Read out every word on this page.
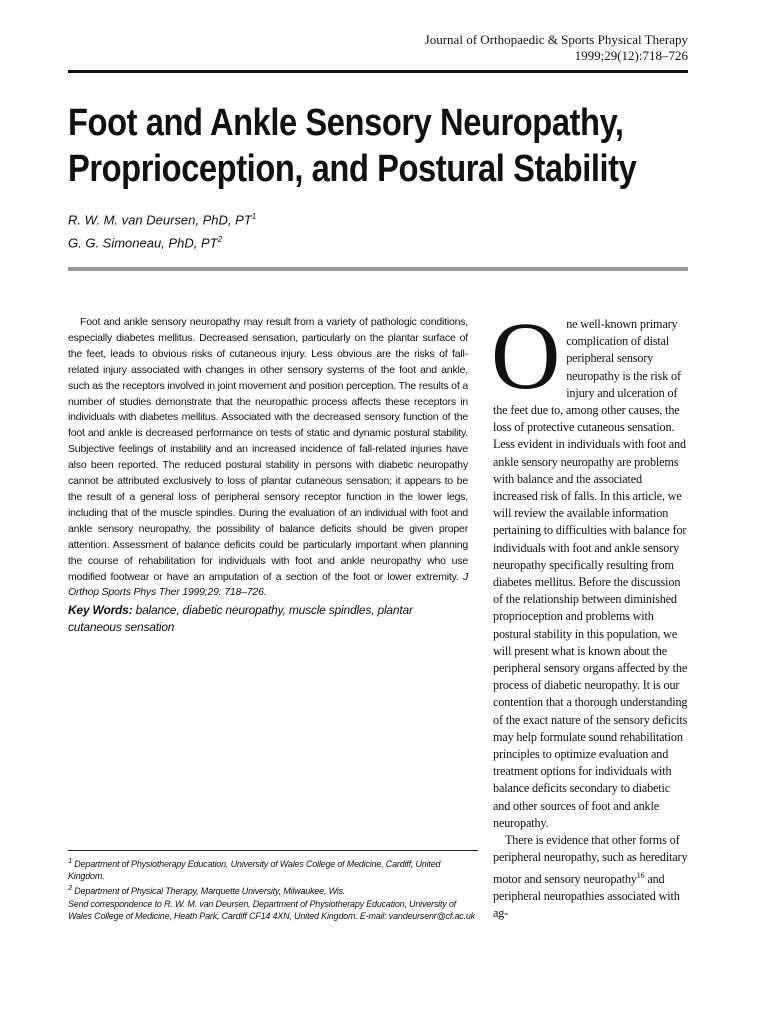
Journal of Orthopaedic & Sports Physical Therapy
1999;29(12):718–726
Foot and Ankle Sensory Neuropathy,
Proprioception, and Postural Stability
R. W. M. van Deursen, PhD, $PT^1$
G. G. Simoneau, PhD, $PT^2$

Foot and ankle sensory neuropathy may result from a variety of pathologic conditions, especially diabetes mellitus. Decreased sensation, particularly on the plantar surface of the feet, leads to obvious risks of cutaneous injury. Less obvious are the risks of fall-related injury associated with changes in other sensory systems of the foot and ankle, such as the receptors involved in joint movement and position perception. The results of a number of studies demonstrate that the neuropathic process affects these receptors in individuals with diabetes mellitus. Associated with the decreased sensory function of the foot and ankle is decreased performance on tests of static and dynamic postural stability. Subjective feelings of instability and an increased incidence of fall-related injuries have also been reported. The reduced postural stability in persons with diabetic neuropathy cannot be attributed exclusively to loss of plantar cutaneous sensation; it appears to be the result of a general loss of peripheral sensory receptor function in the lower legs, including that of the muscle spindles. During the evaluation of an individual with foot and ankle sensory neuropathy, the possibility of balance deficits should be given proper attention. Assessment of balance deficits could be particularly important when planning the course of rehabilitation for individuals with foot and ankle neuropathy who use modified footwear or have an amputation of a section of the foot or lower extremity. J Orthop Sports Phys Ther 1999;29: 718–726.

Key Words: balance, diabetic neuropathy, muscle spindles, plantar cutaneous sensation

$^1$ Department of Physiotherapy Education, University of Wales College of Medicine, Cardiff, United Kingdom.

$^2$ Department of Physical Therapy, Marquette University, Milwaukee, Wis.

Send correspondence to R. W. M. van Deursen, Department of Physiotherapy Education, University of Wales College of Medicine, Heath Park, Cardiff CF14 4XN, United Kingdom. E-mail: vandeursenr@cf.ac.uk

One well-known primary complication of distal peripheral sensory neuropathy is the risk of injury and ulceration of the feet due to, among other causes, the loss of protective cutaneous sensation. Less evident in individuals with foot and ankle sensory neuropathy are problems with balance and the associated increased risk of falls. In this article, we will review the available information pertaining to difficulties with balance for individuals with foot and ankle sensory neuropathy specifically resulting from diabetes mellitus. Before the discussion of the relationship between diminished proprioception and problems with postural stability in this population, we will present what is known about the peripheral sensory organs affected by the process of diabetic neuropathy. It is our contention that a thorough understanding of the exact nature of the sensory deficits may help formulate sound rehabilitation principles to optimize evaluation and treatment options for individuals with balance deficits secondary to diabetic and other sources of foot and ankle neuropathy.

There is evidence that other forms of peripheral neuropathy, such as hereditary motor and sensory neuropathy$^{16}$ and peripheral neuropathies associated with ag-
